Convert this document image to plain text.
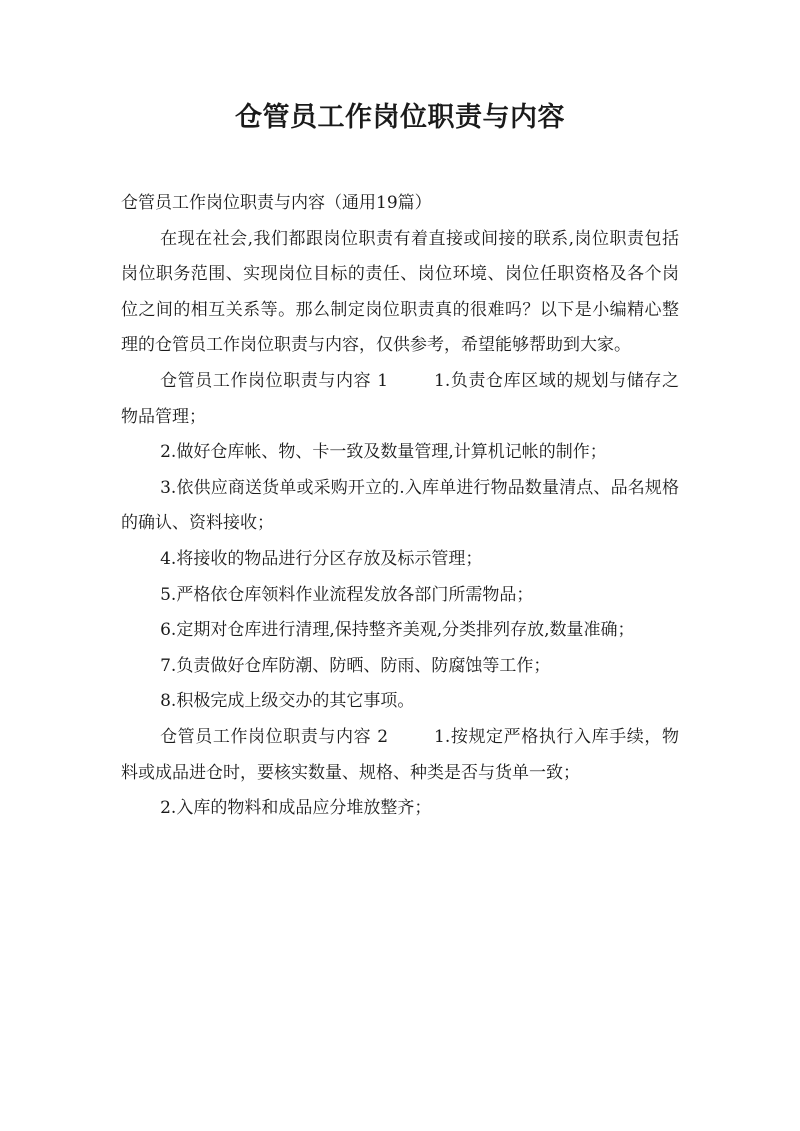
仓管员工作岗位职责与内容

仓管员工作岗位职责与内容（通用19篇）

在现在社会,我们都跟岗位职责有着直接或间接的联系,岗位职责包括岗位职务范围、实现岗位目标的责任、岗位环境、岗位任职资格及各个岗位之间的相互关系等。那么制定岗位职责真的很难吗？以下是小编精心整理的仓管员工作岗位职责与内容，仅供参考，希望能够帮助到大家。

仓管员工作岗位职责与内容 1	1.负责仓库区域的规划与储存之物品管理；

2.做好仓库帐、物、卡一致及数量管理,计算机记帐的制作；

3.依供应商送货单或采购开立的.入库单进行物品数量清点、品名规格的确认、资料接收；

4.将接收的物品进行分区存放及标示管理；

5.严格依仓库领料作业流程发放各部门所需物品；

6.定期对仓库进行清理,保持整齐美观,分类排列存放,数量准确；

7.负责做好仓库防潮、防晒、防雨、防腐蚀等工作；

8.积极完成上级交办的其它事项。

仓管员工作岗位职责与内容 2	1.按规定严格执行入库手续，物料或成品进仓时，要核实数量、规格、种类是否与货单一致；

2.入库的物料和成品应分堆放整齐；
